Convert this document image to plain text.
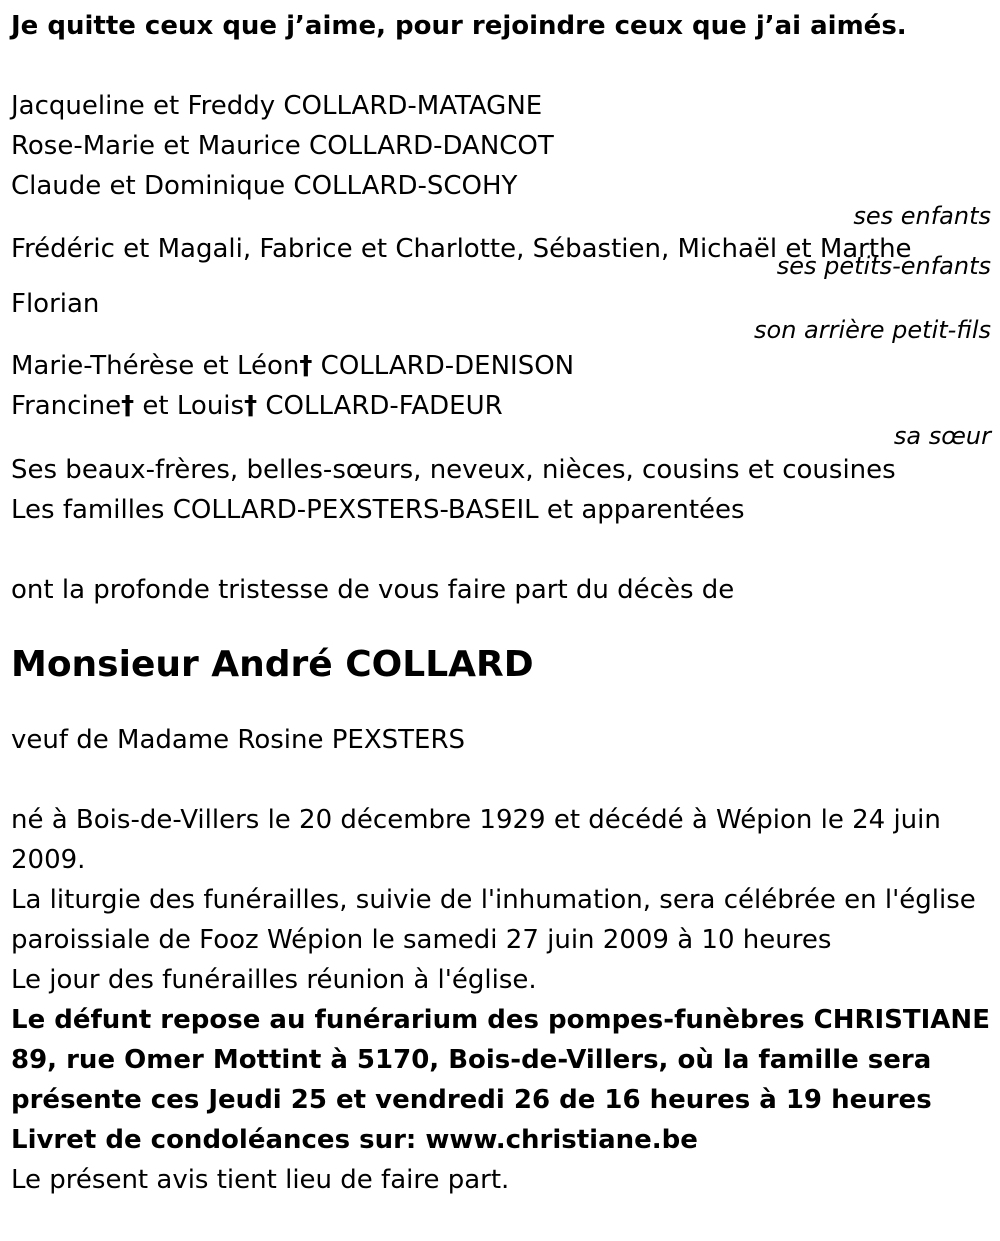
Je quitte ceux que j’aime, pour rejoindre ceux que j’ai aimés.
Jacqueline et Freddy COLLARD-MATAGNE
Rose-Marie et Maurice COLLARD-DANCOT
Claude et Dominique COLLARD-SCOHY
ses enfants
Frédéric et Magali, Fabrice et Charlotte, Sébastien, Michaël et Marthe
ses petits-enfants
Florian
son arrière petit-fils
Marie-Thérèse et Léon† COLLARD-DENISON
Francine† et Louis† COLLARD-FADEUR
sa sœur
Ses beaux-frères, belles-sœurs, neveux, nièces, cousins et cousines
Les familles COLLARD-PEXSTERS-BASEIL et apparentées
ont la profonde tristesse de vous faire part du décès de
Monsieur André COLLARD
veuf de Madame Rosine PEXSTERS
né à Bois-de-Villers le 20 décembre 1929 et décédé à Wépion le 24 juin 2009.
La liturgie des funérailles, suivie de l'inhumation, sera célébrée en l'église paroissiale de Fooz Wépion le samedi 27 juin 2009 à 10 heures
Le jour des funérailles réunion à l'église.
Le défunt repose au funérarium des pompes-funèbres CHRISTIANE 89, rue Omer Mottint à 5170, Bois-de-Villers, où la famille sera présente ces Jeudi 25 et vendredi 26 de 16 heures à 19 heures
Livret de condoléances sur: www.christiane.be
Le présent avis tient lieu de faire part.
